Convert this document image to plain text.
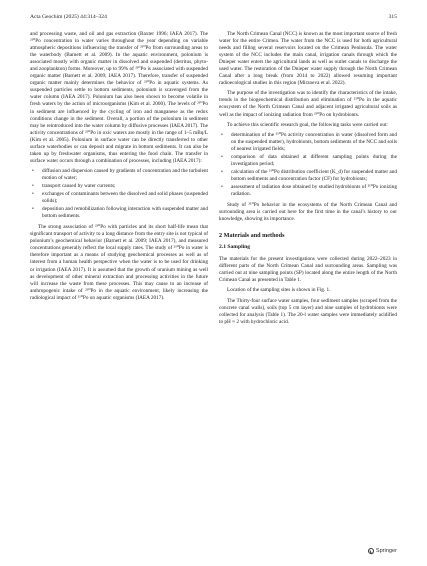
Acta Geochim (2025) 44:314–324	315

and processing waste, and oil and gas extraction (Baxter 1996; IAEA 2017). The ²¹⁰Po concentration in water varies throughout the year depending on variable atmospheric depositions influencing the transfer of ²¹⁰Po from surrounding areas to the waterbody (Barnett et al. 2009). In the aquatic environment, polonium is associated mostly with organic matter in dissolved and suspended (detritus, phyto- and zooplankton) forms. Moreover, up to 99% of ²¹⁰Po is associated with suspended organic matter (Barnett et al. 2009; IAEA 2017). Therefore, transfer of suspended organic matter mainly determines the behavior of ²¹⁰Po in aquatic systems. As suspended particles settle to bottom sediments, polonium is scavenged from the water column (IAEA 2017). Polonium has also been shown to become volatile in fresh waters by the action of microorganisms (Kim et al. 2000). The levels of ²¹⁰Po in sediment are influenced by the cycling of iron and manganese as the redox conditions change in the sediment. Overall, a portion of the polonium in sediment may be reintroduced into the water column by diffusive processes (IAEA 2017). The activity concentrations of ²¹⁰Po in oxic waters are mostly in the range of 1–5 mBq/L (Kim et al. 2005). Polonium in surface water can be directly transferred to other surface waterbodies or can deposit and migrate in bottom sediments. It can also be taken up by freshwater organisms, thus entering the food chain. The transfer in surface water occurs through a combination of processes, including (IAEA 2017):

• diffusion and dispersion caused by gradients of concentration and the turbulent motion of water;
• transport caused by water currents;
• exchanges of contaminants between the dissolved and solid phases (suspended solids);
• deposition and remobilization following interaction with suspended matter and bottom sediments.

The strong association of ²¹⁰Po with particles and its short half-life mean that significant transport of activity to a long distance from the entry site is not typical of polonium’s geochemical behavior (Barnett et al. 2009; IAEA 2017), and measured concentrations generally reflect the local supply rates. The study of ²¹⁰Po in water is therefore important as a means of studying geochemical processes as well as of interest from a human health perspective when the water is to be used for drinking or irrigation (IAEA 2017). It is assumed that the growth of uranium mining as well as development of other mineral extraction and processing activities in the future will increase the waste from these processes. This may cause to an increase of anthropogenic intake of ²¹⁰Po in the aquatic environment, likely increasing the radiological impact of ²¹⁰Po on aquatic organisms (IAEA 2017).

The North Crimean Canal (NCC) is known as the most important source of fresh water for the entire Crimea. The water from the NCC is used for both agricultural needs and filling several reservoirs located on the Crimean Peninsula. The water system of the NCC includes the main canal, irrigation canals through which the Dnieper water enters the agricultural lands as well as outlet canals to discharge the used water. The restoration of the Dnieper water supply through the North Crimean Canal after a long break (from 2014 to 2022) allowed resuming important radioecological studies in this region (Mirzoeva et al. 2022).

The purpose of the investigation was to identify the characteristics of the intake, trends in the biogeochemical distribution and elimination of ²¹⁰Po in the aquatic ecosystem of the North Crimean Canal and adjacent irrigated agricultural soils as well as the impact of ionizing radiation from ²¹⁰Po on hydrobionts.

To achieve this scientific research goal, the following tasks were carried out:

• determination of the ²¹⁰Po activity concentration in water (dissolved form and on the suspended matter), hydrobionts, bottom sediments of the NCC and soils of nearest irrigated fields;
• comparison of data obtained at different sampling points during the investigation period;
• calculation of the ²¹⁰Po distribution coefficient (K_d) for suspended matter and bottom sediments and concentration factor (CF) for hydrobionts;
• assessment of radiation dose obtained by studied hydrobionts of ²¹⁰Po ionizing radiation.

Study of ²¹⁰Po behavior in the ecosystems of the North Crimean Canal and surrounding area is carried out here for the first time in the canal’s history to our knowledge, showing its importance.

2 Materials and methods
2.1 Sampling

The materials for the present investigations were collected during 2022–2023 in different parts of the North Crimean Canal and surrounding areas. Sampling was carried out at nine sampling points (SP) located along the entire length of the North Crimean Canal as presented in Table 1.

Location of the sampling sites is shown in Fig. 1.

The Thirty-four surface water samples, four sediment samples (scraped from the concrete canal walls), soils (top 5 cm layer) and nine samples of hydrobionts were collected for analysis (Table 1). The 20-l water samples were immediately acidified to pH ≈ 2 with hydrochloric acid.

Springer
